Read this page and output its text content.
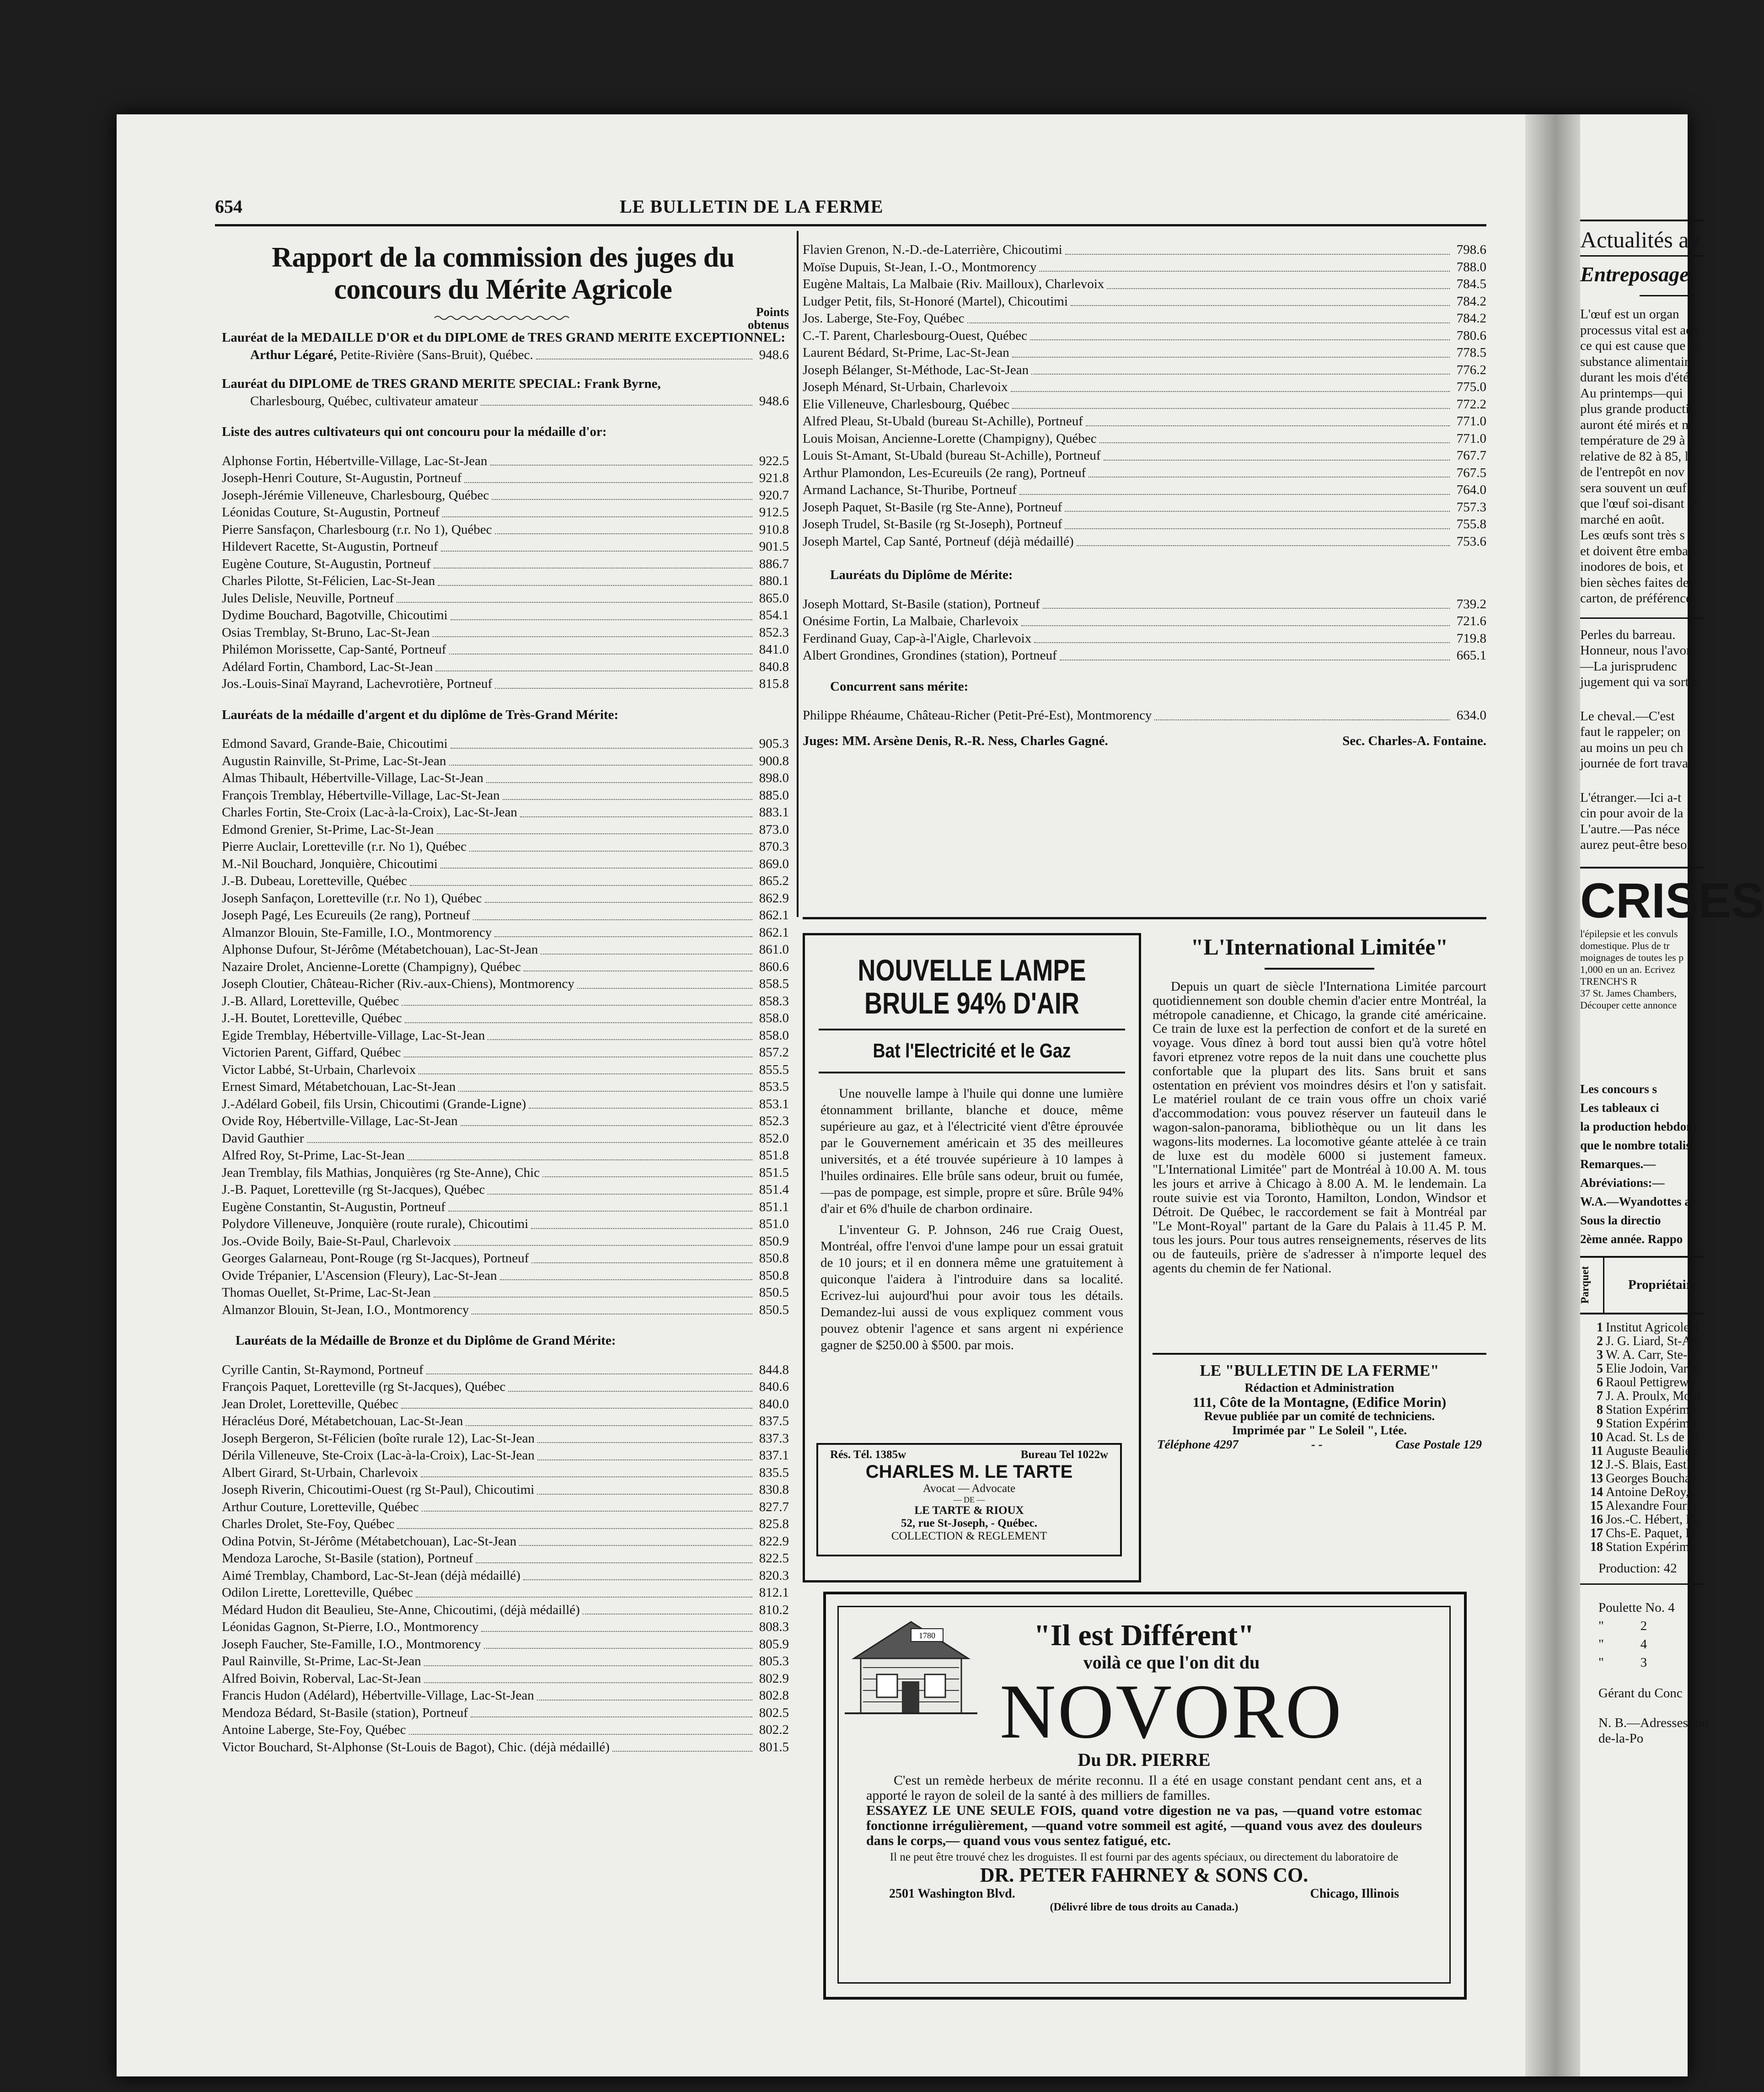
654	LE BULLETIN DE LA FERME
Rapport de la commission des juges du
concours du Mérite Agricole
Points obtenus
Lauréat de la MEDAILLE D'OR et du DIPLOME de TRES GRAND MERITE EXCEPTIONNEL:
Arthur Légaré, Petite-Rivière (Sans-Bruit), Québec.	948.6
Lauréat du DIPLOME de TRES GRAND MERITE SPECIAL: Frank Byrne,
Charlesbourg, Québec, cultivateur amateur	948.6
Liste des autres cultivateurs qui ont concouru pour la médaille d'or:
Alphonse Fortin, Hébertville-Village, Lac-St-Jean	922.5
Joseph-Henri Couture, St-Augustin, Portneuf	921.8
Joseph-Jérémie Villeneuve, Charlesbourg, Québec	920.7
Léonidas Couture, St-Augustin, Portneuf	912.5
Pierre Sansfaçon, Charlesbourg (r.r. No 1), Québec	910.8
Hildevert Racette, St-Augustin, Portneuf	901.5
Eugène Couture, St-Augustin, Portneuf	886.7
Charles Pilotte, St-Félicien, Lac-St-Jean	880.1
Jules Delisle, Neuville, Portneuf	865.0
Dydime Bouchard, Bagotville, Chicoutimi	854.1
Osias Tremblay, St-Bruno, Lac-St-Jean	852.3
Philémon Morissette, Cap-Santé, Portneuf	841.0
Adélard Fortin, Chambord, Lac-St-Jean	840.8
Jos.-Louis-Sinaï Mayrand, Lachevrotière, Portneuf	815.8
Lauréats de la médaille d'argent et du diplôme de Très-Grand Mérite:
Edmond Savard, Grande-Baie, Chicoutimi	905.3
Augustin Rainville, St-Prime, Lac-St-Jean	900.8
Almas Thibault, Hébertville-Village, Lac-St-Jean	898.0
François Tremblay, Hébertville-Village, Lac-St-Jean	885.0
Charles Fortin, Ste-Croix (Lac-à-la-Croix), Lac-St-Jean	883.1
Edmond Grenier, St-Prime, Lac-St-Jean	873.0
Pierre Auclair, Loretteville (r.r. No 1), Québec	870.3
M.-Nil Bouchard, Jonquière, Chicoutimi	869.0
J.-B. Dubeau, Loretteville, Québec	865.2
Joseph Sanfaçon, Loretteville (r.r. No 1), Québec	862.9
Joseph Pagé, Les Ecureuils (2e rang), Portneuf	862.1
Almanzor Blouin, Ste-Famille, I.O., Montmorency	862.1
Alphonse Dufour, St-Jérôme (Métabetchouan), Lac-St-Jean	861.0
Nazaire Drolet, Ancienne-Lorette (Champigny), Québec	860.6
Joseph Cloutier, Château-Richer (Riv.-aux-Chiens), Montmorency	858.5
J.-B. Allard, Loretteville, Québec	858.3
J.-H. Boutet, Loretteville, Québec	858.0
Egide Tremblay, Hébertville-Village, Lac-St-Jean	858.0
Victorien Parent, Giffard, Québec	857.2
Victor Labbé, St-Urbain, Charlevoix	855.5
Ernest Simard, Métabetchouan, Lac-St-Jean	853.5
J.-Adélard Gobeil, fils Ursin, Chicoutimi (Grande-Ligne)	853.1
Ovide Roy, Hébertville-Village, Lac-St-Jean	852.3
David Gauthier	852.0
Alfred Roy, St-Prime, Lac-St-Jean	851.8
Jean Tremblay, fils Mathias, Jonquières (rg Ste-Anne), Chic	851.5
J.-B. Paquet, Loretteville (rg St-Jacques), Québec	851.4
Eugène Constantin, St-Augustin, Portneuf	851.1
Polydore Villeneuve, Jonquière (route rurale), Chicoutimi	851.0
Jos.-Ovide Boily, Baie-St-Paul, Charlevoix	850.9
Georges Galarneau, Pont-Rouge (rg St-Jacques), Portneuf	850.8
Ovide Trépanier, L'Ascension (Fleury), Lac-St-Jean	850.8
Thomas Ouellet, St-Prime, Lac-St-Jean	850.5
Almanzor Blouin, St-Jean, I.O., Montmorency	850.5
Lauréats de la Médaille de Bronze et du Diplôme de Grand Mérite:
Cyrille Cantin, St-Raymond, Portneuf	844.8
François Paquet, Loretteville (rg St-Jacques), Québec	840.6
Jean Drolet, Loretteville, Québec	840.0
Héracléus Doré, Métabetchouan, Lac-St-Jean	837.5
Joseph Bergeron, St-Félicien (boîte rurale 12), Lac-St-Jean	837.3
Dérila Villeneuve, Ste-Croix (Lac-à-la-Croix), Lac-St-Jean	837.1
Albert Girard, St-Urbain, Charlevoix	835.5
Joseph Riverin, Chicoutimi-Ouest (rg St-Paul), Chicoutimi	830.8
Arthur Couture, Loretteville, Québec	827.7
Charles Drolet, Ste-Foy, Québec	825.8
Odina Potvin, St-Jérôme (Métabetchouan), Lac-St-Jean	822.9
Mendoza Laroche, St-Basile (station), Portneuf	822.5
Aimé Tremblay, Chambord, Lac-St-Jean (déjà médaillé)	820.3
Odilon Lirette, Loretteville, Québec	812.1
Médard Hudon dit Beaulieu, Ste-Anne, Chicoutimi, (déjà médaillé)	810.2
Léonidas Gagnon, St-Pierre, I.O., Montmorency	808.3
Joseph Faucher, Ste-Famille, I.O., Montmorency	805.9
Paul Rainville, St-Prime, Lac-St-Jean	805.3
Alfred Boivin, Roberval, Lac-St-Jean	802.9
Francis Hudon (Adélard), Hébertville-Village, Lac-St-Jean	802.8
Mendoza Bédard, St-Basile (station), Portneuf	802.5
Antoine Laberge, Ste-Foy, Québec	802.2
Victor Bouchard, St-Alphonse (St-Louis de Bagot), Chic. (déjà médaillé)	801.5
Flavien Grenon, N.-D.-de-Laterrière, Chicoutimi	798.6
Moïse Dupuis, St-Jean, I.-O., Montmorency	788.0
Eugène Maltais, La Malbaie (Riv. Mailloux), Charlevoix	784.5
Ludger Petit, fils, St-Honoré (Martel), Chicoutimi	784.2
Jos. Laberge, Ste-Foy, Québec	784.2
C.-T. Parent, Charlesbourg-Ouest, Québec	780.6
Laurent Bédard, St-Prime, Lac-St-Jean	778.5
Joseph Bélanger, St-Méthode, Lac-St-Jean	776.2
Joseph Ménard, St-Urbain, Charlevoix	775.0
Elie Villeneuve, Charlesbourg, Québec	772.2
Alfred Pleau, St-Ubald (bureau St-Achille), Portneuf	771.0
Louis Moisan, Ancienne-Lorette (Champigny), Québec	771.0
Louis St-Amant, St-Ubald (bureau St-Achille), Portneuf	767.7
Arthur Plamondon, Les-Ecureuils (2e rang), Portneuf	767.5
Armand Lachance, St-Thuribe, Portneuf	764.0
Joseph Paquet, St-Basile (rg Ste-Anne), Portneuf	757.3
Joseph Trudel, St-Basile (rg St-Joseph), Portneuf	755.8
Joseph Martel, Cap Santé, Portneuf (déjà médaillé)	753.6
Lauréats du Diplôme de Mérite:
Joseph Mottard, St-Basile (station), Portneuf	739.2
Onésime Fortin, La Malbaie, Charlevoix	721.6
Ferdinand Guay, Cap-à-l'Aigle, Charlevoix	719.8
Albert Grondines, Grondines (station), Portneuf	665.1
Concurrent sans mérite:
Philippe Rhéaume, Château-Richer (Petit-Pré-Est), Montmorency	634.0
Juges: MM. Arsène Denis, R.-R. Ness, Charles Gagné.	Sec. Charles-A. Fontaine.
NOUVELLE LAMPE
BRULE 94% D'AIR
Bat l'Electricité et le Gaz

Une nouvelle lampe à l'huile qui donne une lumière étonnamment brillante, blanche et douce, même supérieure au gaz, et à l'électricité vient d'être éprouvée par le Gouvernement américain et 35 des meilleures universités, et a été trouvée supérieure à 10 lampes à l'huiles ordinaires. Elle brûle sans odeur, bruit ou fumée,—pas de pompage, est simple, propre et sûre. Brûle 94% d'air et 6% d'huile de charbon ordinaire.

L'inventeur G. P. Johnson, 246 rue Craig Ouest, Montréal, offre l'envoi d'une lampe pour un essai gratuit de 10 jours; et il en donnera même une gratuitement à quiconque l'aidera à l'introduire dans sa localité. Ecrivez-lui aujourd'hui pour avoir tous les détails. Demandez-lui aussi de vous expliquez comment vous pouvez obtenir l'agence et sans argent ni expérience gagner de $250.00 à $500. par mois.

Rés. Tél. 1385w	Bureau Tel 1022w
CHARLES M. LE TARTE
Avocat — Advocate
— DE —
LE TARTE & RIOUX
52, rue St-Joseph, - Québec.
COLLECTION & REGLEMENT
"L'International Limitée"
Depuis un quart de siècle l'Internationa Limitée parcourt quotidiennement son double chemin d'acier entre Montréal, la métropole canadienne, et Chicago, la grande cité américaine. Ce train de luxe est la perfection de confort et de la sureté en voyage. Vous dînez à bord tout aussi bien qu'à votre hôtel favori etprenez votre repos de la nuit dans une couchette plus confortable que la plupart des lits. Sans bruit et sans ostentation en prévient vos moindres désirs et l'on y satisfait. Le matériel roulant de ce train vous offre un choix varié d'accommodation: vous pouvez réserver un fauteuil dans le wagon-salon-panorama, bibliothèque ou un lit dans les wagons-lits modernes. La locomotive géante attelée à ce train de luxe est du modèle 6000 si justement fameux. "L'International Limitée" part de Montréal à 10.00 A. M. tous les jours et arrive à Chicago à 8.00 A. M. le lendemain. La route suivie est via Toronto, Hamilton, London, Windsor et Détroit. De Québec, le raccordement se fait à Montréal par "Le Mont-Royal" partant de la Gare du Palais à 11.45 P. M. tous les jours. Pour tous autres renseignements, réserves de lits ou de fauteuils, prière de s'adresser à n'importe lequel des agents du chemin de fer National.
LE "BULLETIN DE LA FERME"
Rédaction et Administration
111, Côte de la Montagne, (Edifice Morin)
Revue publiée par un comité de techniciens.
Imprimée par " Le Soleil ", Ltée.
Téléphone 4297	- -	Case Postale 129
1780	"Il est Différent"
voilà ce que l'on dit du
NOVORO
Du DR. PIERRE

C'est un remède herbeux de mérite reconnu. Il a été en usage constant pendant cent ans, et a apporté le rayon de soleil de la santé à des milliers de familles.

ESSAYEZ LE UNE SEULE FOIS, quand votre digestion ne va pas, —quand votre estomac fonctionne irrégulièrement, —quand votre sommeil est agité, —quand vous avez des douleurs dans le corps,— quand vous vous sentez fatigué, etc.

Il ne peut être trouvé chez les droguistes. Il est fourni par des agents spéciaux, ou directement du laboratoire de

DR. PETER FAHRNEY & SONS CO.
2501 Washington Blvd.	Chicago, Illinois
(Délivré libre de tous droits au Canada.)
Actualités av
Entreposage
L'œuf est un organ
processus vital est acc
ce qui est cause que sa
substance alimentair
durant les mois d'été
Au printemps—qui
plus grande producti
auront été mirés et m
température de 29 à 3
relative de 82 à 85, l
de l'entrepôt en nov
sera souvent un œuf
que l'œuf soi-disant fr
marché en août.
Les œufs sont très s
et doivent être emba
inodores de bois, et
bien sèches faites de
carton, de préférence
Perles du barreau.
Honneur, nous l'avor
—La jurisprudenc
jugement qui va sortir
Le cheval.—C'est
faut le rappeler; on
au moins un peu ch
journée de fort trava
L'étranger.—Ici a-t
cin pour avoir de la
L'autre.—Pas néce
aurez peut-être besoi
CRISES
l'épilepsie et les convuls
domestique. Plus de tr
moignages de toutes les p
1,000 en un an. Ecrivez
TRENCH'S R
37 St. James Chambers,
Découper cette annonce
Les concours s
Les tableaux ci
la production hebdom
que le nombre totalis
Remarques.—
Abréviations:—
W.A.—Wyandottes a
Sous la directio
2ème année. Rappo
Parquet	Propriétair
1 Institut Agricole d
2 J. G. Liard, St-Ale
3 W. A. Carr, Ste-A
5 Elie Jodoin, Varen
6 Raoul Pettigrew,
7 J. A. Proulx, Mont
8 Station Expérime
9 Station Expérime
10 Acad. St. Ls de Fr
11 Auguste Beaulieu
12 J.-S. Blais, EastB
13 Georges Bouchar
14 Antoine DeRoy,
15 Alexandre Fourni
16 Jos.-C. Hébert, N.
17 Chs-E. Paquet, F
18 Station Expérime
Production: 42
Poulette No. 4
"           2
"           4
"           3
Gérant du Conc
N. B.—Adresses tou
de-la-Po
